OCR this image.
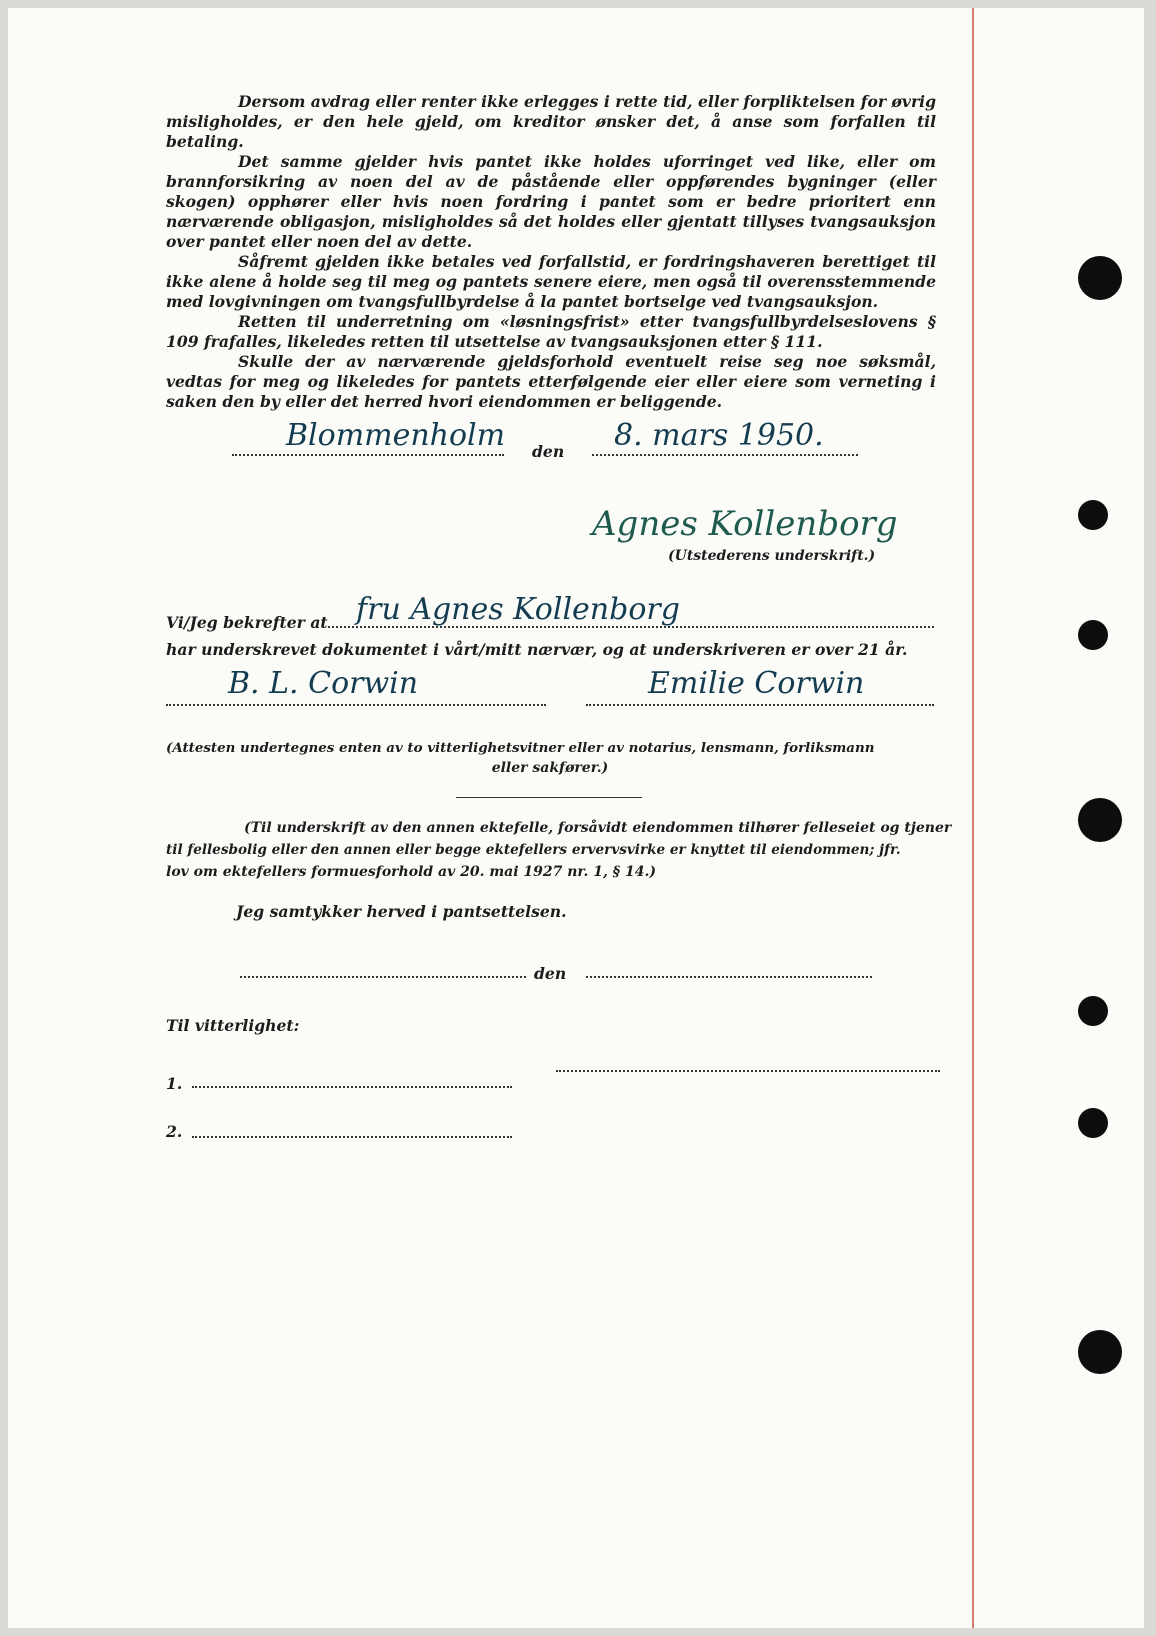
Dersom avdrag eller renter ikke erlegges i rette tid, eller forpliktelsen for øvrig misligholdes, er den hele gjeld, om kreditor ønsker det, å anse som forfallen til betaling.

Det samme gjelder hvis pantet ikke holdes uforringet ved like, eller om brannforsikring av noen del av de påstående eller oppførendes bygninger (eller skogen) opphører eller hvis noen fordring i pantet som er bedre prioritert enn nærværende obligasjon, misligholdes så det holdes eller gjentatt tillyses tvangsauksjon over pantet eller noen del av dette.

Såfremt gjelden ikke betales ved forfallstid, er fordringshaveren berettiget til ikke alene å holde seg til meg og pantets senere eiere, men også til overensstemmende med lovgivningen om tvangsfullbyrdelse å la pantet bortselge ved tvangsauksjon.

Retten til underretning om «løsningsfrist» etter tvangsfullbyrdelseslovens § 109 frafalles, likeledes retten til utsettelse av tvangsauksjonen etter § 111.

Skulle der av nærværende gjeldsforhold eventuelt reise seg noe søksmål, vedtas for meg og likeledes for pantets etterfølgende eier eller eiere som verneting i saken den by eller det herred hvori eiendommen er beliggende.

Blommenholm den 8. mars 1950.
Agnes Kollenborg
(Utstederens underskrift.)
Vi/Jeg bekrefter at fru Agnes Kollenborg
har underskrevet dokumentet i vårt/mitt nærvær, og at underskriveren er over 21 år.
B. L. Corwin	Emilie Corwin
(Attesten undertegnes enten av to vitterlighetsvitner eller av notarius, lensmann, forliksmann
eller sakfører.)
(Til underskrift av den annen ektefelle, forsåvidt eiendommen tilhører felleseiet og tjener
til fellesbolig eller den annen eller begge ektefellers ervervsvirke er knyttet til eiendommen; jfr.
lov om ektefellers formuesforhold av 20. mai 1927 nr. 1, § 14.)
Jeg samtykker herved i pantsettelsen.
den
Til vitterlighet:
1.
2.
